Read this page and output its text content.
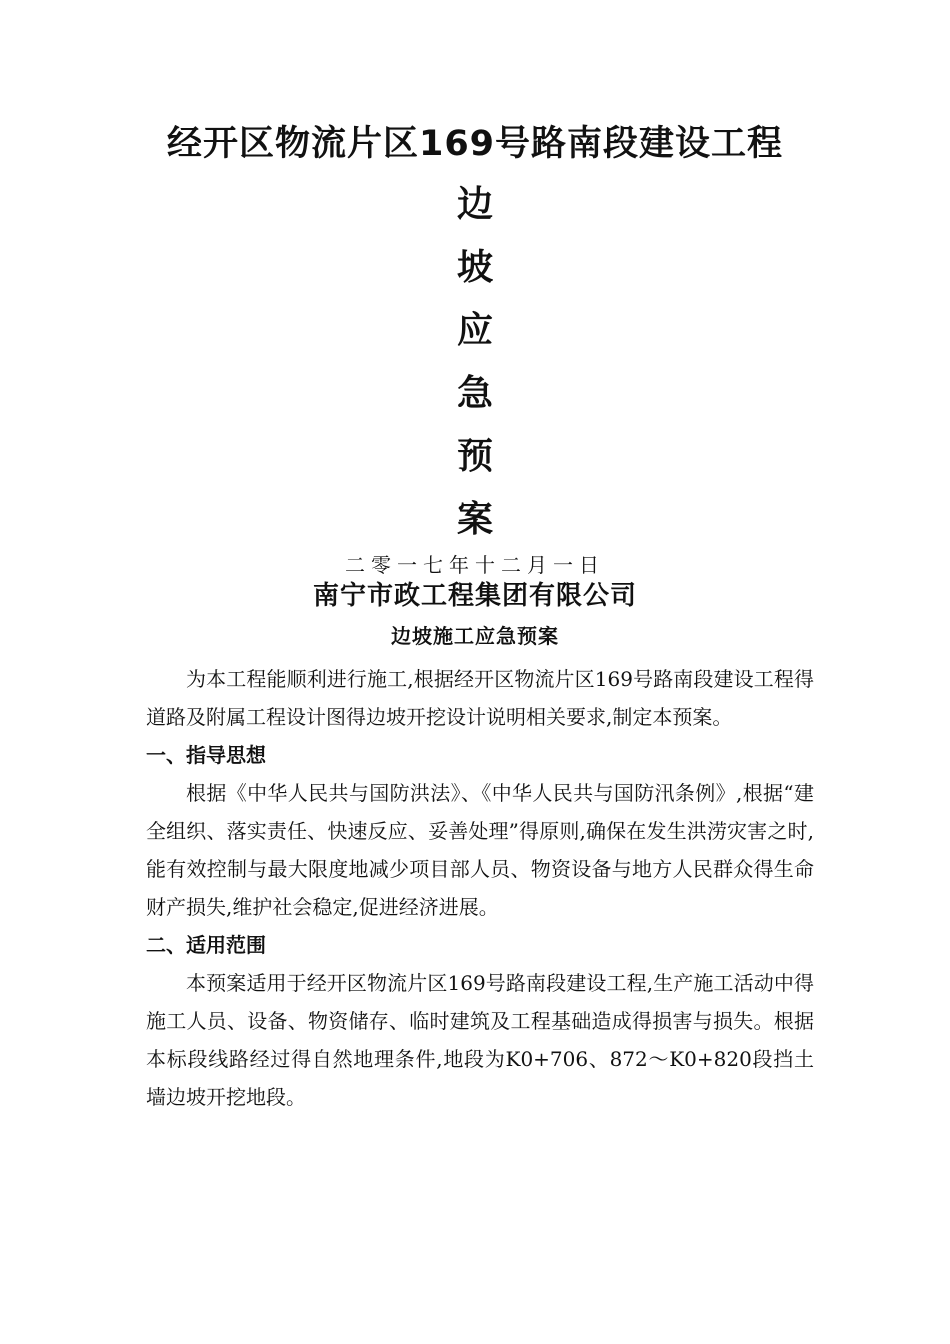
经开区物流片区169号路南段建设工程
边
坡
应
急
预
案
二零一七年十二月一日
南宁市政工程集团有限公司
边坡施工应急预案

为本工程能顺利进行施工,根据经开区物流片区169号路南段建设工程得道路及附属工程设计图得边坡开挖设计说明相关要求,制定本预案。

一、指导思想

根据《中华人民共与国防洪法》、《中华人民共与国防汛条例》,根据“建全组织、落实责任、快速反应、妥善处理”得原则,确保在发生洪涝灾害之时,能有效控制与最大限度地减少项目部人员、物资设备与地方人民群众得生命财产损失,维护社会稳定,促进经济进展。

二、适用范围

本预案适用于经开区物流片区169号路南段建设工程,生产施工活动中得施工人员、设备、物资储存、临时建筑及工程基础造成得损害与损失。根据本标段线路经过得自然地理条件,地段为K0+706、872～K0+820段挡土墙边坡开挖地段。
